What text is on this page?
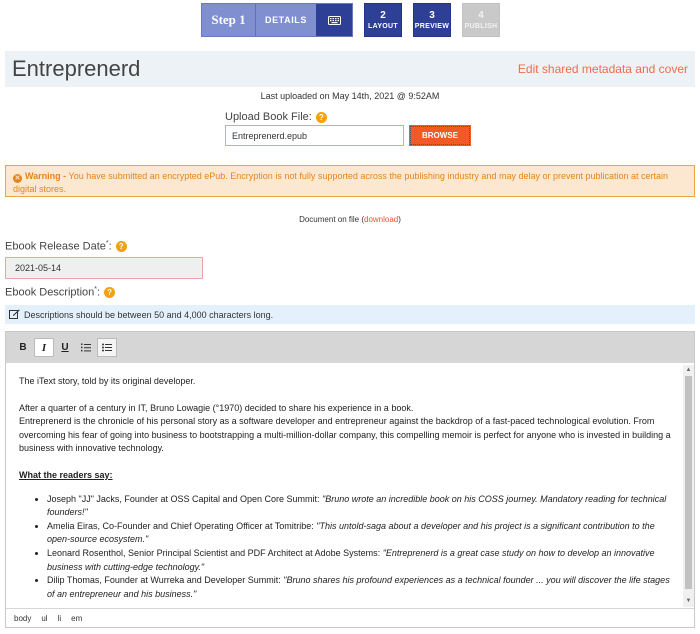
Step 1	DETAILS	2
LAYOUT
3
PREVIEW
4
PUBLISH
Entreprenerd	Edit shared metadata and cover
Last uploaded on May 14th, 2021 @ 9:52AM
Upload Book File: ?
Entreprenerd.epub	BROWSE
✕ Warning - You have submitted an encrypted ePub. Encryption is not fully supported across the publishing industry and may delay or prevent publication at certain digital stores.
Document on file (download)
Ebook Release Date*: ?
2021-05-14
Ebook Description*: ?
Descriptions should be between 50 and 4,000 characters long.
B	I	U

The iText story, told by its original developer.

After a quarter of a century in IT, Bruno Lowagie (°1970) decided to share his experience in a book.

Entreprenerd is the chronicle of his personal story as a software developer and entrepreneur against the backdrop of a fast-paced technological evolution. From overcoming his fear of going into business to bootstrapping a multi-million-dollar company, this compelling memoir is perfect for anyone who is invested in building a business with innovative technology.

What the readers say:
• Joseph "JJ" Jacks, Founder at OSS Capital and Open Core Summit: "Bruno wrote an incredible book on his COSS journey. Mandatory reading for technical founders!"
• Amelia Eiras, Co-Founder and Chief Operating Officer at Tomitribe: "This untold-saga about a developer and his project is a significant contribution to the open-source ecosystem."
• Leonard Rosenthol, Senior Principal Scientist and PDF Architect at Adobe Systems: "Entreprenerd is a great case study on how to develop an innovative business with cutting-edge technology."
• Dilip Thomas, Founder at Wurreka and Developer Summit: "Bruno shares his profound experiences as a technical founder ... you will discover the life stages of an entrepreneur and his business."
▲
▼
body ul li em
